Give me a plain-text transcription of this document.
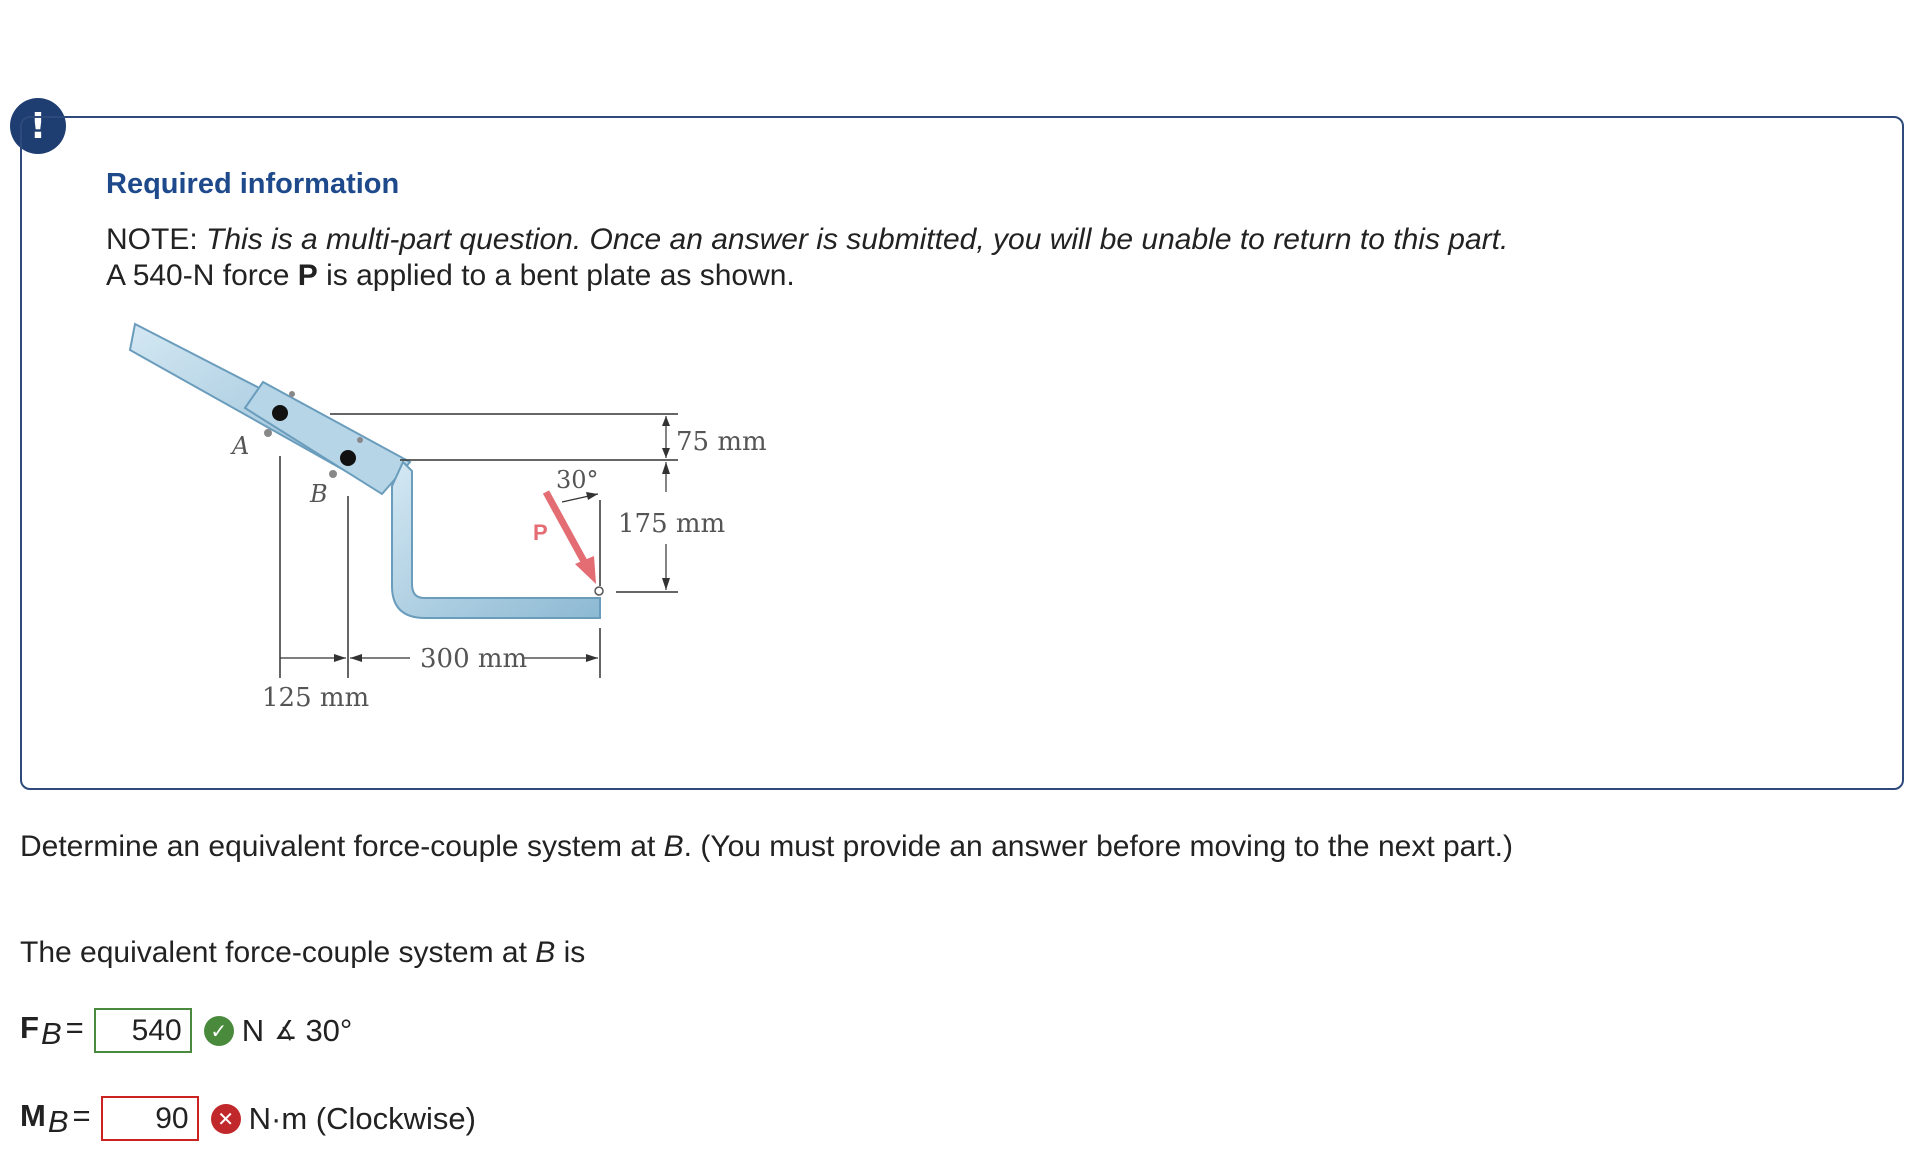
!
Required information
NOTE: This is a multi-part question. Once an answer is submitted, you will be unable to return to this part.
A 540-N force P is applied to a bent plate as shown.
A
B
P
30°
75 mm
175 mm
300 mm
125 mm
Determine an equivalent force-couple system at B. (You must provide an answer before moving to the next part.)
The equivalent force-couple system at B is
$F_B$ =
540	✓ N ∡ 30°
$M_B$ =
90	✕ N·m (Clockwise)
